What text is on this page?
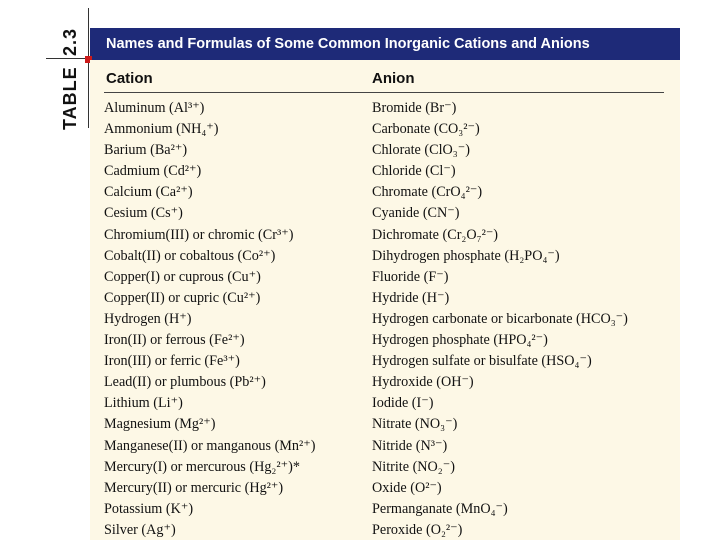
2.3
TABLE
Names and Formulas of Some Common Inorganic Cations and Anions
Cation	Anion
Aluminum (Al³⁺)
Ammonium (NH₄⁺)
Barium (Ba²⁺)
Cadmium (Cd²⁺)
Calcium (Ca²⁺)
Cesium (Cs⁺)
Chromium(III) or chromic (Cr³⁺)
Cobalt(II) or cobaltous (Co²⁺)
Copper(I) or cuprous (Cu⁺)
Copper(II) or cupric (Cu²⁺)
Hydrogen (H⁺)
Iron(II) or ferrous (Fe²⁺)
Iron(III) or ferric (Fe³⁺)
Lead(II) or plumbous (Pb²⁺)
Lithium (Li⁺)
Magnesium (Mg²⁺)
Manganese(II) or manganous (Mn²⁺)
Mercury(I) or mercurous (Hg₂²⁺)*
Mercury(II) or mercuric (Hg²⁺)
Potassium (K⁺)
Silver (Ag⁺)
Bromide (Br⁻)
Carbonate (CO₃²⁻)
Chlorate (ClO₃⁻)
Chloride (Cl⁻)
Chromate (CrO₄²⁻)
Cyanide (CN⁻)
Dichromate (Cr₂O₇²⁻)
Dihydrogen phosphate (H₂PO₄⁻)
Fluoride (F⁻)
Hydride (H⁻)
Hydrogen carbonate or bicarbonate (HCO₃⁻)
Hydrogen phosphate (HPO₄²⁻)
Hydrogen sulfate or bisulfate (HSO₄⁻)
Hydroxide (OH⁻)
Iodide (I⁻)
Nitrate (NO₃⁻)
Nitride (N³⁻)
Nitrite (NO₂⁻)
Oxide (O²⁻)
Permanganate (MnO₄⁻)
Peroxide (O₂²⁻)
